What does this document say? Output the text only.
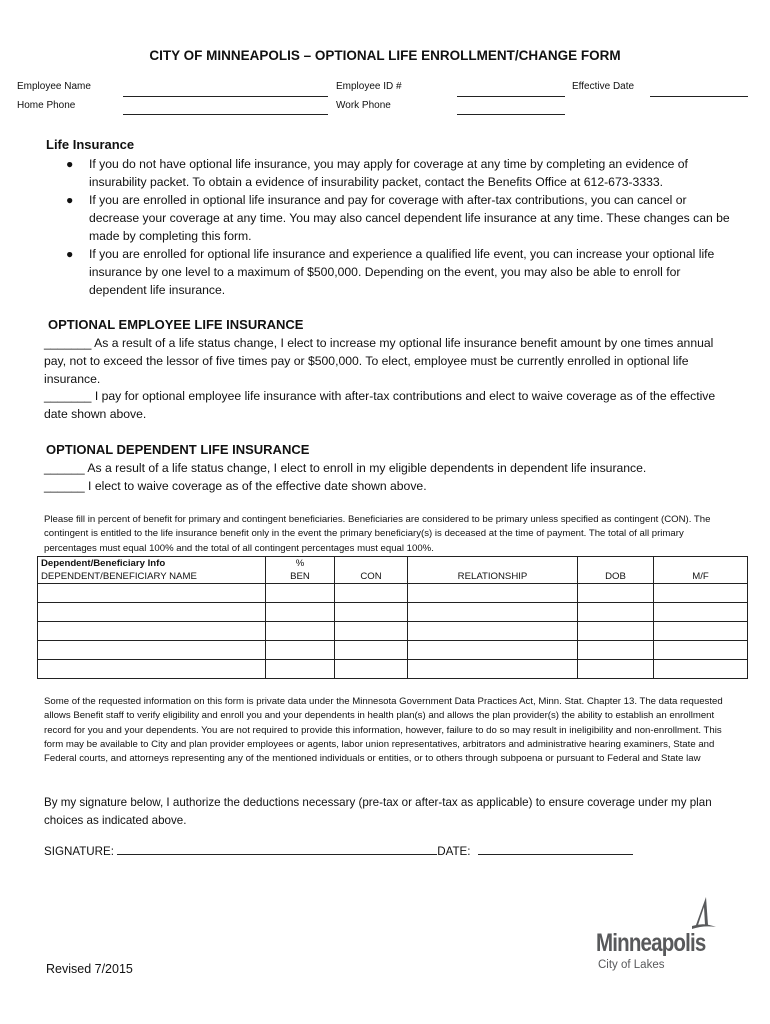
CITY OF MINNEAPOLIS – OPTIONAL LIFE ENROLLMENT/CHANGE FORM
Employee Name	Employee ID #	Effective Date
Home Phone	Work Phone
Life Insurance
● If you do not have optional life insurance, you may apply for coverage at any time by completing an evidence of insurability packet. To obtain a evidence of insurability packet, contact the Benefits Office at 612-673-3333.
● If you are enrolled in optional life insurance and pay for coverage with after-tax contributions, you can cancel or decrease your coverage at any time. You may also cancel dependent life insurance at any time. These changes can be made by completing this form.
● If you are enrolled for optional life insurance and experience a qualified life event, you can increase your optional life insurance by one level to a maximum of $500,000. Depending on the event, you may also be able to enroll for dependent life insurance.
OPTIONAL EMPLOYEE LIFE INSURANCE
_______ As a result of a life status change, I elect to increase my optional life insurance benefit amount by one times annual pay, not to exceed the lessor of five times pay or $500,000. To elect, employee must be currently enrolled in optional life insurance.
_______ I pay for optional employee life insurance with after-tax contributions and elect to waive coverage as of the effective date shown above.
OPTIONAL DEPENDENT LIFE INSURANCE
______ As a result of a life status change, I elect to enroll in my eligible dependents in dependent life insurance.
______ I elect to waive coverage as of the effective date shown above.
Please fill in percent of benefit for primary and contingent beneficiaries. Beneficiaries are considered to be primary unless specified as contingent (CON). The contingent is entitled to the life insurance benefit only in the event the primary beneficiary(s) is deceased at the time of payment. The total of all primary percentages must equal 100% and the total of all contingent percentages must equal 100%.
Dependent/Beneficiary Info	%				
DEPENDENT/BENEFICIARY NAME	BEN	CON	RELATIONSHIP	DOB	M/F

Some of the requested information on this form is private data under the Minnesota Government Data Practices Act, Minn. Stat. Chapter 13. The data requested allows Benefit staff to verify eligibility and enroll you and your dependents in health plan(s) and allows the plan provider(s) the ability to establish an enrollment record for you and your dependents. You are not required to provide this information, however, failure to do so may result in ineligibility and non-enrollment. This form may be available to City and plan provider employees or agents, labor union representatives, arbitrators and administrative hearing examiners, State and Federal courts, and attorneys representing any of the mentioned individuals or entities, or to others through subpoena or pursuant to Federal and State law
By my signature below, I authorize the deductions necessary (pre-tax or after-tax as applicable) to ensure coverage under my plan choices as indicated above.
SIGNATURE:	DATE:
Revised 7/2015
Minneapolis
City of Lakes
